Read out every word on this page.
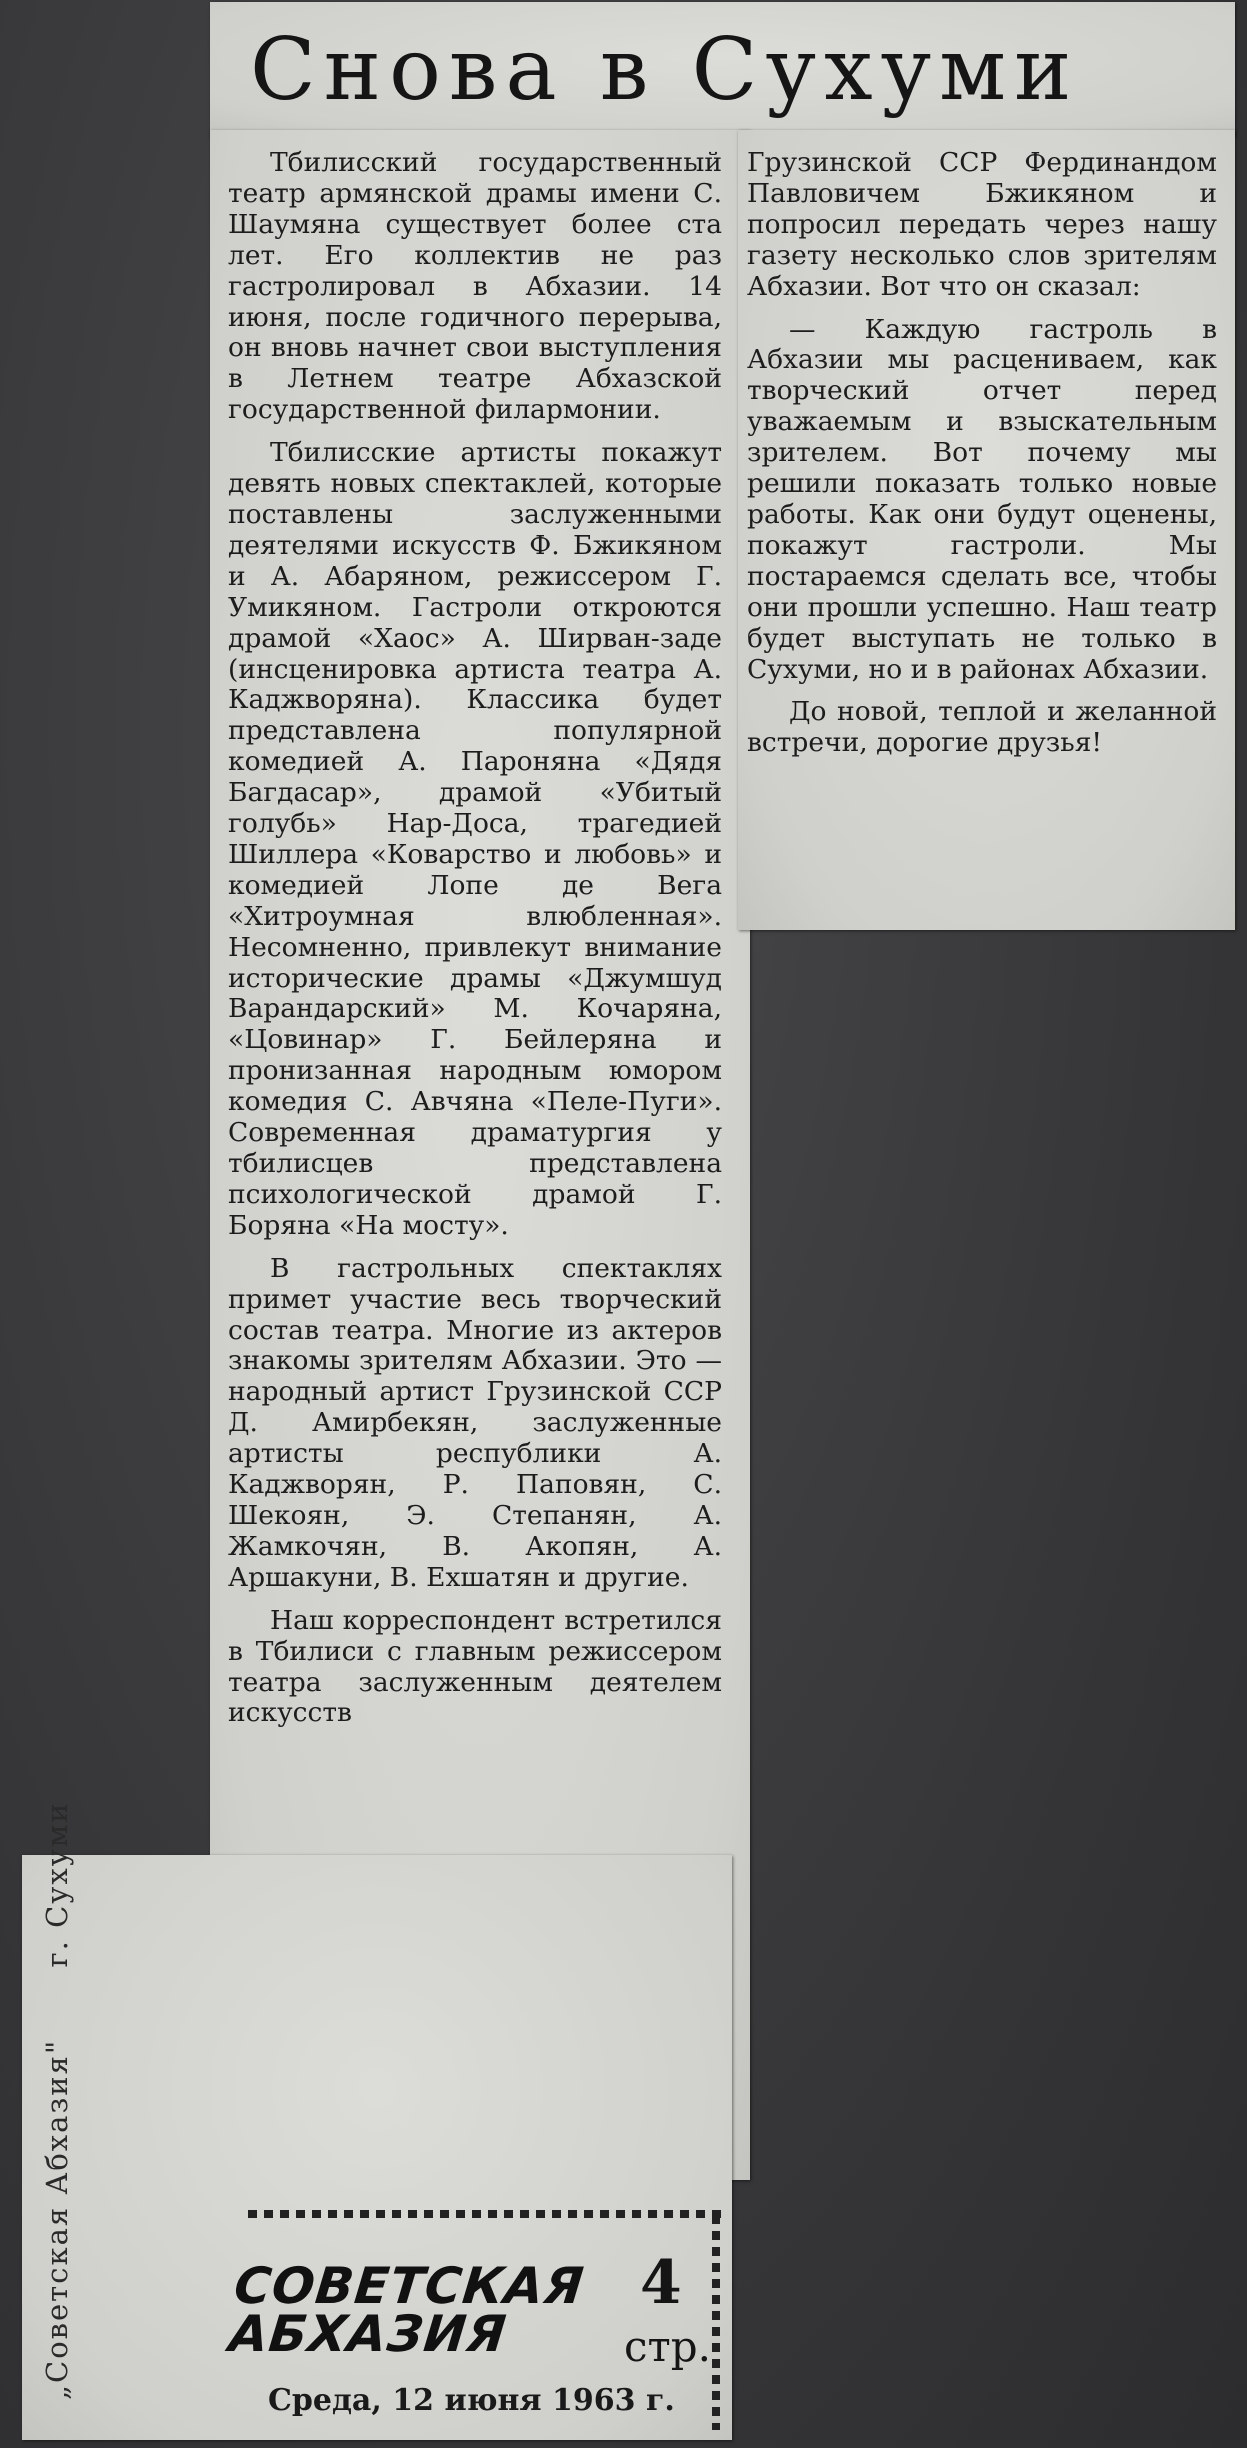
Снова в Сухуми

Тбилисский государственный театр армянской драмы имени С. Шаумяна существует более ста лет. Его коллектив не раз гастролировал в Абхазии. 14 июня, после годичного перерыва, он вновь начнет свои выступления в Летнем театре Абхазской государственной филармонии.

Тбилисские артисты покажут девять новых спектаклей, которые поставлены заслуженными деятелями искусств Ф. Бжикяном и А. Абаряном, режиссером Г. Умикяном. Гастроли откроются драмой «Хаос» А. Ширван-заде (инсценировка артиста театра А. Каджворяна). Классика будет представлена популярной комедией А. Пароняна «Дядя Багдасар», драмой «Убитый голубь» Нар-Доса, трагедией Шиллера «Коварство и любовь» и комедией Лопе де Вега «Хитроумная влюбленная». Несомненно, привлекут внимание исторические драмы «Джумшуд Варандарский» М. Кочаряна, «Цовинар» Г. Бейлеряна и пронизанная народным юмором комедия С. Авчяна «Пеле-Пуги». Современная драматургия у тбилисцев представлена психологической драмой Г. Боряна «На мосту».

В гастрольных спектаклях примет участие весь творческий состав театра. Многие из актеров знакомы зрителям Абхазии. Это — народный артист Грузинской ССР Д. Амирбекян, заслуженные артисты республики А. Каджворян, Р. Паповян, С. Шекоян, Э. Степанян, А. Жамкочян, В. Акопян, А. Аршакуни, В. Ехшатян и другие.

Наш корреспондент встретился в Тбилиси с главным режиссером театра заслуженным деятелем искусств

Грузинской ССР Фердинандом Павловичем Бжикяном и попросил передать через нашу газету несколько слов зрителям Абхазии. Вот что он сказал:

— Каждую гастроль в Абхазии мы расцениваем, как творческий отчет перед уважаемым и взыскательным зрителем. Вот почему мы решили показать только новые работы. Как они будут оценены, покажут гастроли. Мы постараемся сделать все, чтобы они прошли успешно. Наш театр будет выступать не только в Сухуми, но и в районах Абхазии.

До новой, теплой и желанной встречи, дорогие друзья!

„Советская Абхазия" г. Сухуми
СОВЕТСКАЯ
АБХАЗИЯ
4
стр.
Среда, 12 июня 1963 г.
